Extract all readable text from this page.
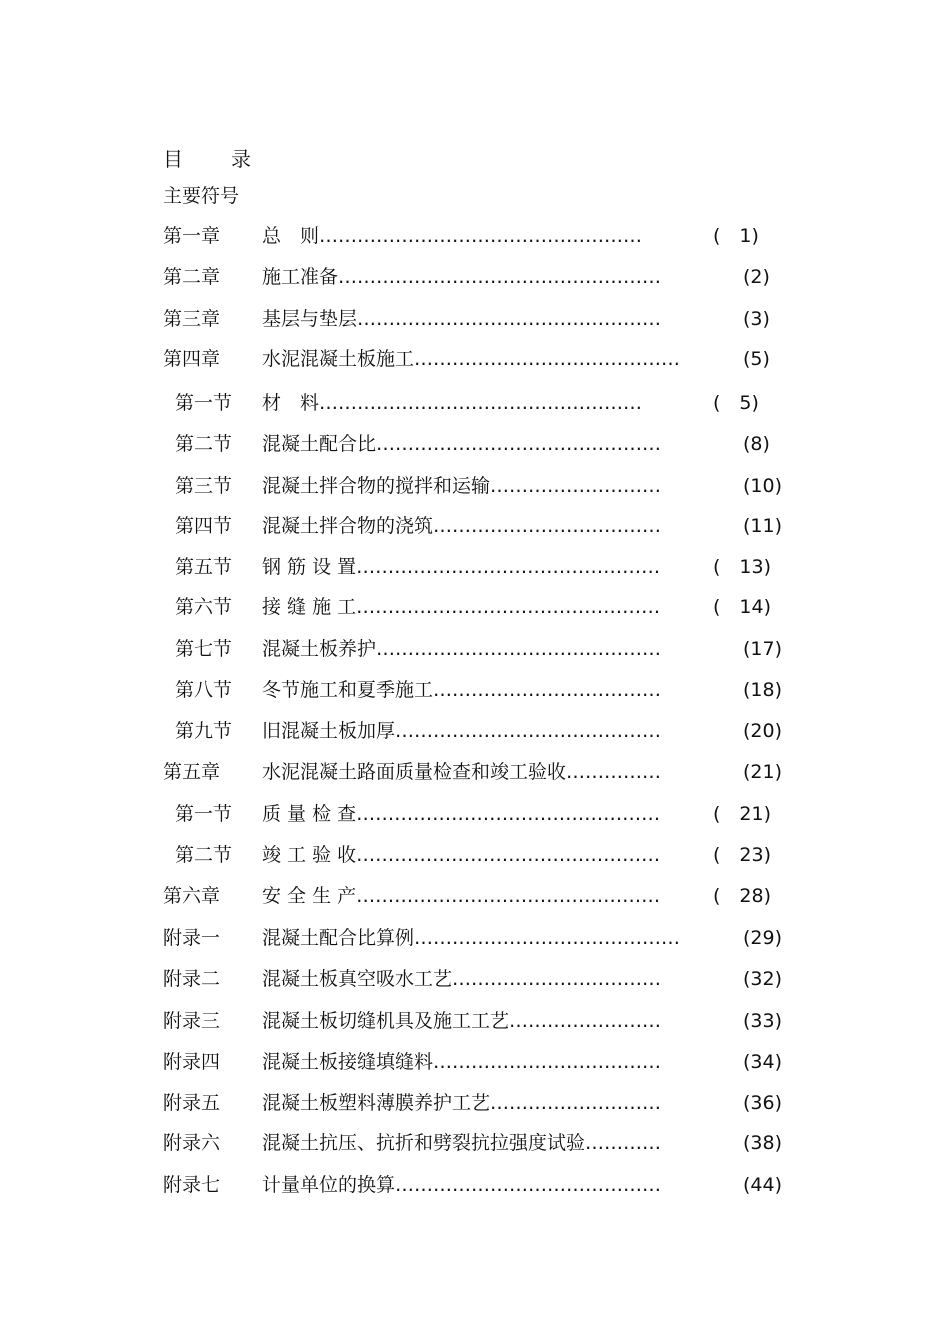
目录
主要符号
第一章 总　则……………………………………………	(　1)
第二章 施工准备……………………………………………	(2)
第三章 基层与垫层…………………………………………	(3)
第四章 水泥混凝土板施工……………………………………	(5)
第一节 材　料……………………………………………	(　5)
第二节 混凝土配合比………………………………………	(8)
第三节 混凝土拌合物的搅拌和运输………………………	(10)
第四节 混凝土拌合物的浇筑………………………………	(11)
第五节 钢 筋 设 置…………………………………………	(　13)
第六节 接 缝 施 工…………………………………………	(　14)
第七节 混凝土板养护………………………………………	(17)
第八节 冬节施工和夏季施工………………………………	(18)
第九节 旧混凝土板加厚……………………………………	(20)
第五章 水泥混凝土路面质量检查和竣工验收……………	(21)
第一节 质 量 检 查…………………………………………	(　21)
第二节 竣 工 验 收…………………………………………	(　23)
第六章 安 全 生 产…………………………………………	(　28)
附录一 混凝土配合比算例……………………………………	(29)
附录二 混凝土板真空吸水工艺……………………………	(32)
附录三 混凝土板切缝机具及施工工艺……………………	(33)
附录四 混凝土板接缝填缝料………………………………	(34)
附录五 混凝土板塑料薄膜养护工艺………………………	(36)
附录六 混凝土抗压、抗折和劈裂抗拉强度试验…………	(38)
附录七 计量单位的换算……………………………………	(44)
